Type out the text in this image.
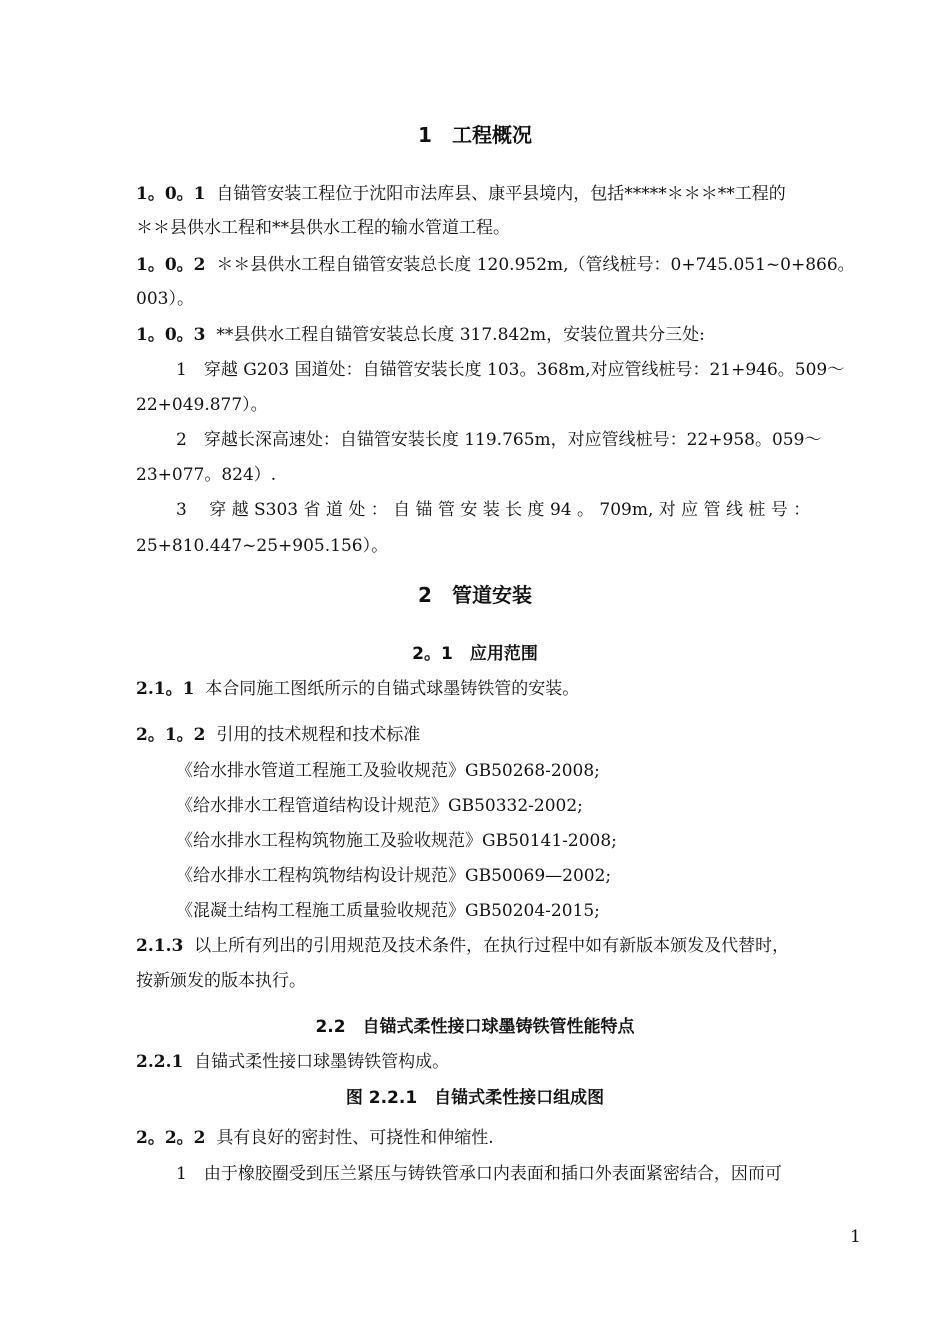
1　工程概况
1。0。1 自锚管安装工程位于沈阳市法库县、康平县境内，包括*****＊＊＊**工程的
＊＊县供水工程和**县供水工程的输水管道工程。
1。0。2 ＊＊县供水工程自锚管安装总长度 120.952m,（管线桩号：0+745.051~0+866。
003）。
1。0。3 **县供水工程自锚管安装总长度 317.842m，安装位置共分三处:
1　穿越 G203 国道处：自锚管安装长度 103。368m,对应管线桩号：21+946。509～
22+049.877）。
2　穿越长深高速处：自锚管安装长度 119.765m，对应管线桩号：22+958。059～
23+077。824）.
3　 穿 越 S303 省 道 处 ： 自 锚 管 安 装 长 度 94 。 709m, 对 应 管 线 桩 号 ：
25+810.447~25+905.156）。
2　管道安装
2。1　应用范围
2.1。1 本合同施工图纸所示的自锚式球墨铸铁管的安装。
2。1。2 引用的技术规程和技术标准
《给水排水管道工程施工及验收规范》GB50268-2008;
《给水排水工程管道结构设计规范》GB50332-2002;
《给水排水工程构筑物施工及验收规范》GB50141-2008;
《给水排水工程构筑物结构设计规范》GB50069—2002;
《混凝土结构工程施工质量验收规范》GB50204-2015;
2.1.3 以上所有列出的引用规范及技术条件，在执行过程中如有新版本颁发及代替时，
按新颁发的版本执行。
2.2　自锚式柔性接口球墨铸铁管性能特点
2.2.1 自锚式柔性接口球墨铸铁管构成。
图 2.2.1　自锚式柔性接口组成图
2。2。2 具有良好的密封性、可挠性和伸缩性.
1　由于橡胶圈受到压兰紧压与铸铁管承口内表面和插口外表面紧密结合，因而可
1
